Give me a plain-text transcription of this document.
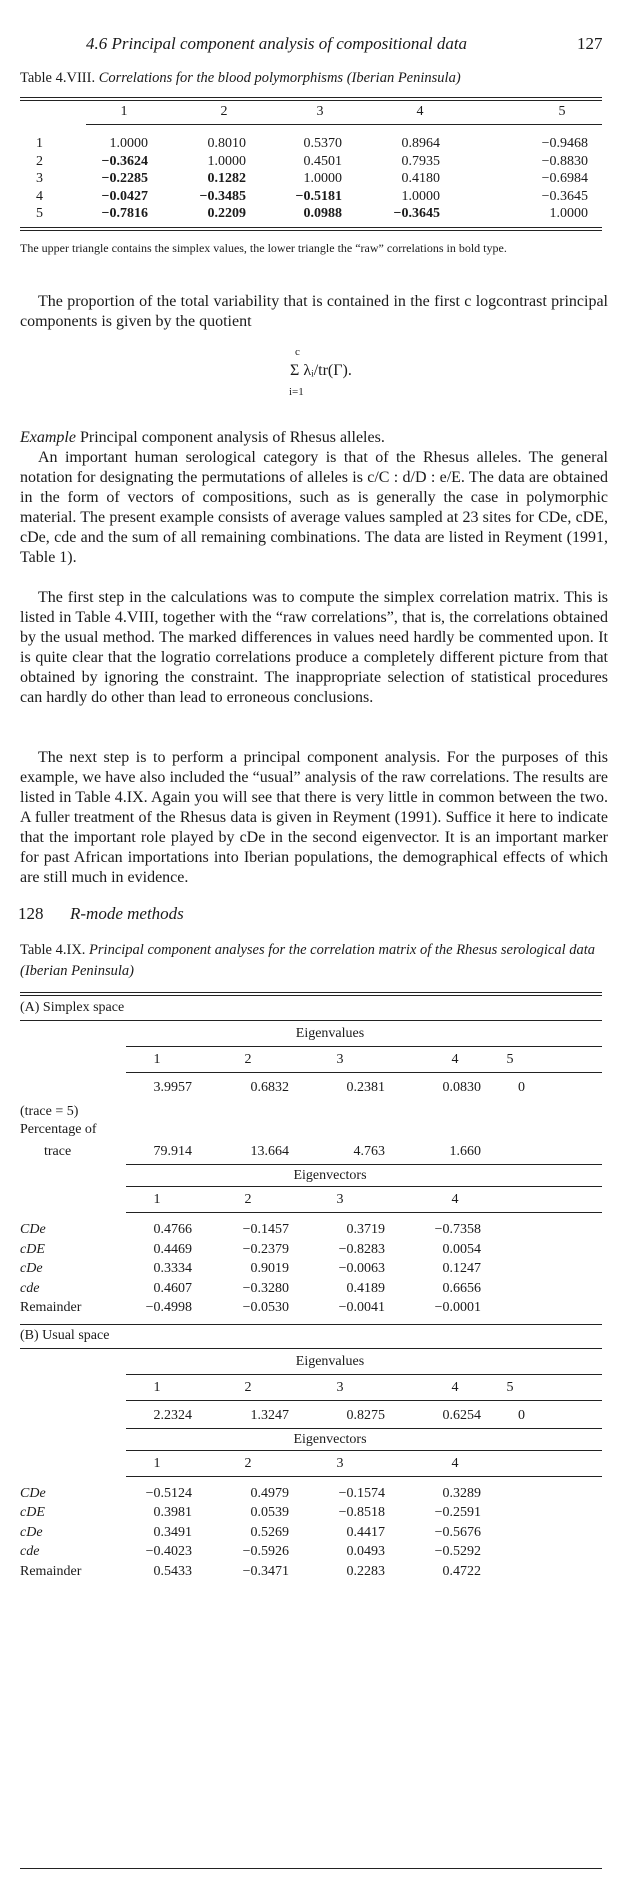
4.6 Principal component analysis of compositional data	127
Table 4.VIII. Correlations for the blood polymorphisms (Iberian Peninsula)
1	2	3	4	5
1	1.0000	0.8010	0.5370	0.8964	−0.9468
2	−0.3624	1.0000	0.4501	0.7935	−0.8830
3	−0.2285	0.1282	1.0000	0.4180	−0.6984
4	−0.0427	−0.3485	−0.5181	1.0000	−0.3645
5	−0.7816	0.2209	0.0988	−0.3645	1.0000
The upper triangle contains the simplex values, the lower triangle the “raw” correlations in bold type.

The proportion of the total variability that is contained in the first c logcontrast principal components is given by the quotient

c
Σ λᵢ/tr(Γ).
i=1

Example Principal component analysis of Rhesus alleles.

An important human serological category is that of the Rhesus alleles. The general notation for designating the permutations of alleles is c/C : d/D : e/E. The data are obtained in the form of vectors of compositions, such as is generally the case in polymorphic material. The present example consists of average values sampled at 23 sites for CDe, cDE, cDe, cde and the sum of all remaining combinations. The data are listed in Reyment (1991, Table 1).

The first step in the calculations was to compute the simplex correlation matrix. This is listed in Table 4.VIII, together with the “raw correlations”, that is, the correlations obtained by the usual method. The marked differences in values need hardly be commented upon. It is quite clear that the logratio correlations produce a completely different picture from that obtained by ignoring the constraint. The inappropriate selection of statistical procedures can hardly do other than lead to erroneous conclusions.

The next step is to perform a principal component analysis. For the purposes of this example, we have also included the “usual” analysis of the raw correlations. The results are listed in Table 4.IX. Again you will see that there is very little in common between the two. A fuller treatment of the Rhesus data is given in Reyment (1991). Suffice it here to indicate that the important role played by cDe in the second eigenvector. It is an important marker for past African importations into Iberian populations, the demographical effects of which are still much in evidence.

128 R-mode methods
Table 4.IX. Principal component analyses for the correlation matrix of the Rhesus serological data (Iberian Peninsula)
(A) Simplex space
Eigenvalues
1	2	3	4	5
3.9957	0.6832	0.2381	0.0830	0
(trace = 5)
Percentage of
trace	79.914	13.664	4.763	1.660
Eigenvectors
1	2	3	4
CDe	0.4766	−0.1457	0.3719	−0.7358
cDE	0.4469	−0.2379	−0.8283	0.0054
cDe	0.3334	0.9019	−0.0063	0.1247
cde	0.4607	−0.3280	0.4189	0.6656
Remainder	−0.4998	−0.0530	−0.0041	−0.0001
(B) Usual space
Eigenvalues
1	2	3	4	5
2.2324	1.3247	0.8275	0.6254	0
Eigenvectors
1	2	3	4
CDe	−0.5124	0.4979	−0.1574	0.3289
cDE	0.3981	0.0539	−0.8518	−0.2591
cDe	0.3491	0.5269	0.4417	−0.5676
cde	−0.4023	−0.5926	0.0493	−0.5292
Remainder	0.5433	−0.3471	0.2283	0.4722
